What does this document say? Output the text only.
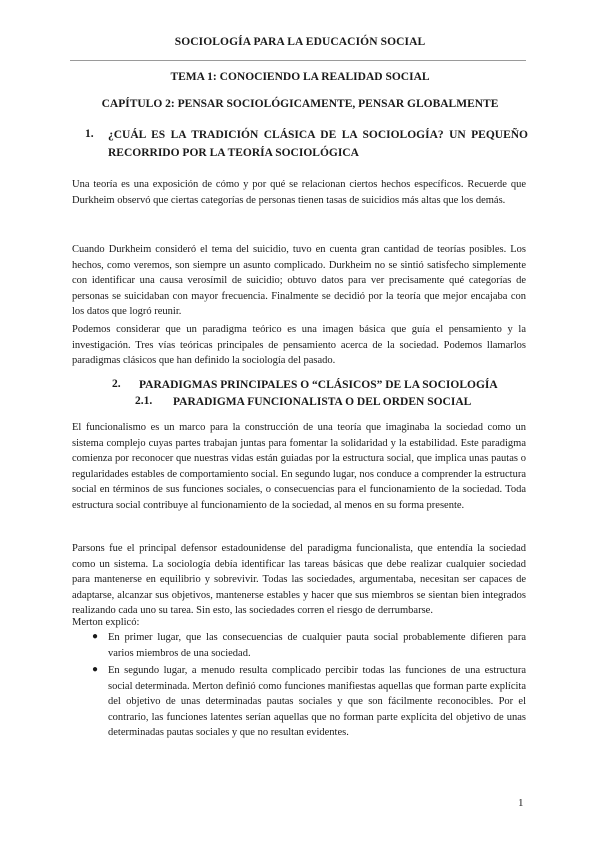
SOCIOLOGÍA PARA LA EDUCACIÓN SOCIAL
TEMA 1: CONOCIENDO LA REALIDAD SOCIAL
CAPÍTULO 2: PENSAR SOCIOLÓGICAMENTE, PENSAR GLOBALMENTE
1. ¿CUÁL ES LA TRADICIÓN CLÁSICA DE LA SOCIOLOGÍA? UN PEQUEÑO RECORRIDO POR LA TEORÍA SOCIOLÓGICA

Una teoría es una exposición de cómo y por qué se relacionan ciertos hechos específicos. Recuerde que Durkheim observó que ciertas categorías de personas tienen tasas de suicidios más altas que los demás.

Cuando Durkheim consideró el tema del suicidio, tuvo en cuenta gran cantidad de teorías posibles. Los hechos, como veremos, son siempre un asunto complicado. Durkheim no se sintió satisfecho simplemente con identificar una causa verosímil de suicidio; obtuvo datos para ver precisamente qué categorías de personas se suicidaban con mayor frecuencia. Finalmente se decidió por la teoría que mejor encajaba con los datos que logró reunir.

Podemos considerar que un paradigma teórico es una imagen básica que guía el pensamiento y la investigación. Tres vías teóricas principales de pensamiento acerca de la sociedad. Podemos llamarlos paradigmas clásicos que han definido la sociología del pasado.

2. PARADIGMAS PRINCIPALES O “CLÁSICOS” DE LA SOCIOLOGÍA
2.1. PARADIGMA FUNCIONALISTA O DEL ORDEN SOCIAL

El funcionalismo es un marco para la construcción de una teoría que imaginaba la sociedad como un sistema complejo cuyas partes trabajan juntas para fomentar la solidaridad y la estabilidad. Este paradigma comienza por reconocer que nuestras vidas están guiadas por la estructura social, que implica unas pautas o regularidades estables de comportamiento social. En segundo lugar, nos conduce a comprender la estructura social en términos de sus funciones sociales, o consecuencias para el funcionamiento de la sociedad. Toda estructura social contribuye al funcionamiento de la sociedad, al menos en su forma presente.

Parsons fue el principal defensor estadounidense del paradigma funcionalista, que entendía la sociedad como un sistema. La sociología debía identificar las tareas básicas que debe realizar cualquier sociedad para mantenerse en equilibrio y sobrevivir. Todas las sociedades, argumentaba, necesitan ser capaces de adaptarse, alcanzar sus objetivos, mantenerse estables y hacer que sus miembros se sientan bien integrados realizando cada uno su tarea. Sin esto, las sociedades corren el riesgo de derrumbarse.

Merton explicó:

● En primer lugar, que las consecuencias de cualquier pauta social probablemente difieren para varios miembros de una sociedad.

● En segundo lugar, a menudo resulta complicado percibir todas las funciones de una estructura social determinada. Merton definió como funciones manifiestas aquellas que forman parte explícita del objetivo de unas determinadas pautas sociales y que son fácilmente reconocibles. Por el contrario, las funciones latentes serían aquellas que no forman parte explícita del objetivo de unas determinadas pautas sociales y que no resultan evidentes.

1
